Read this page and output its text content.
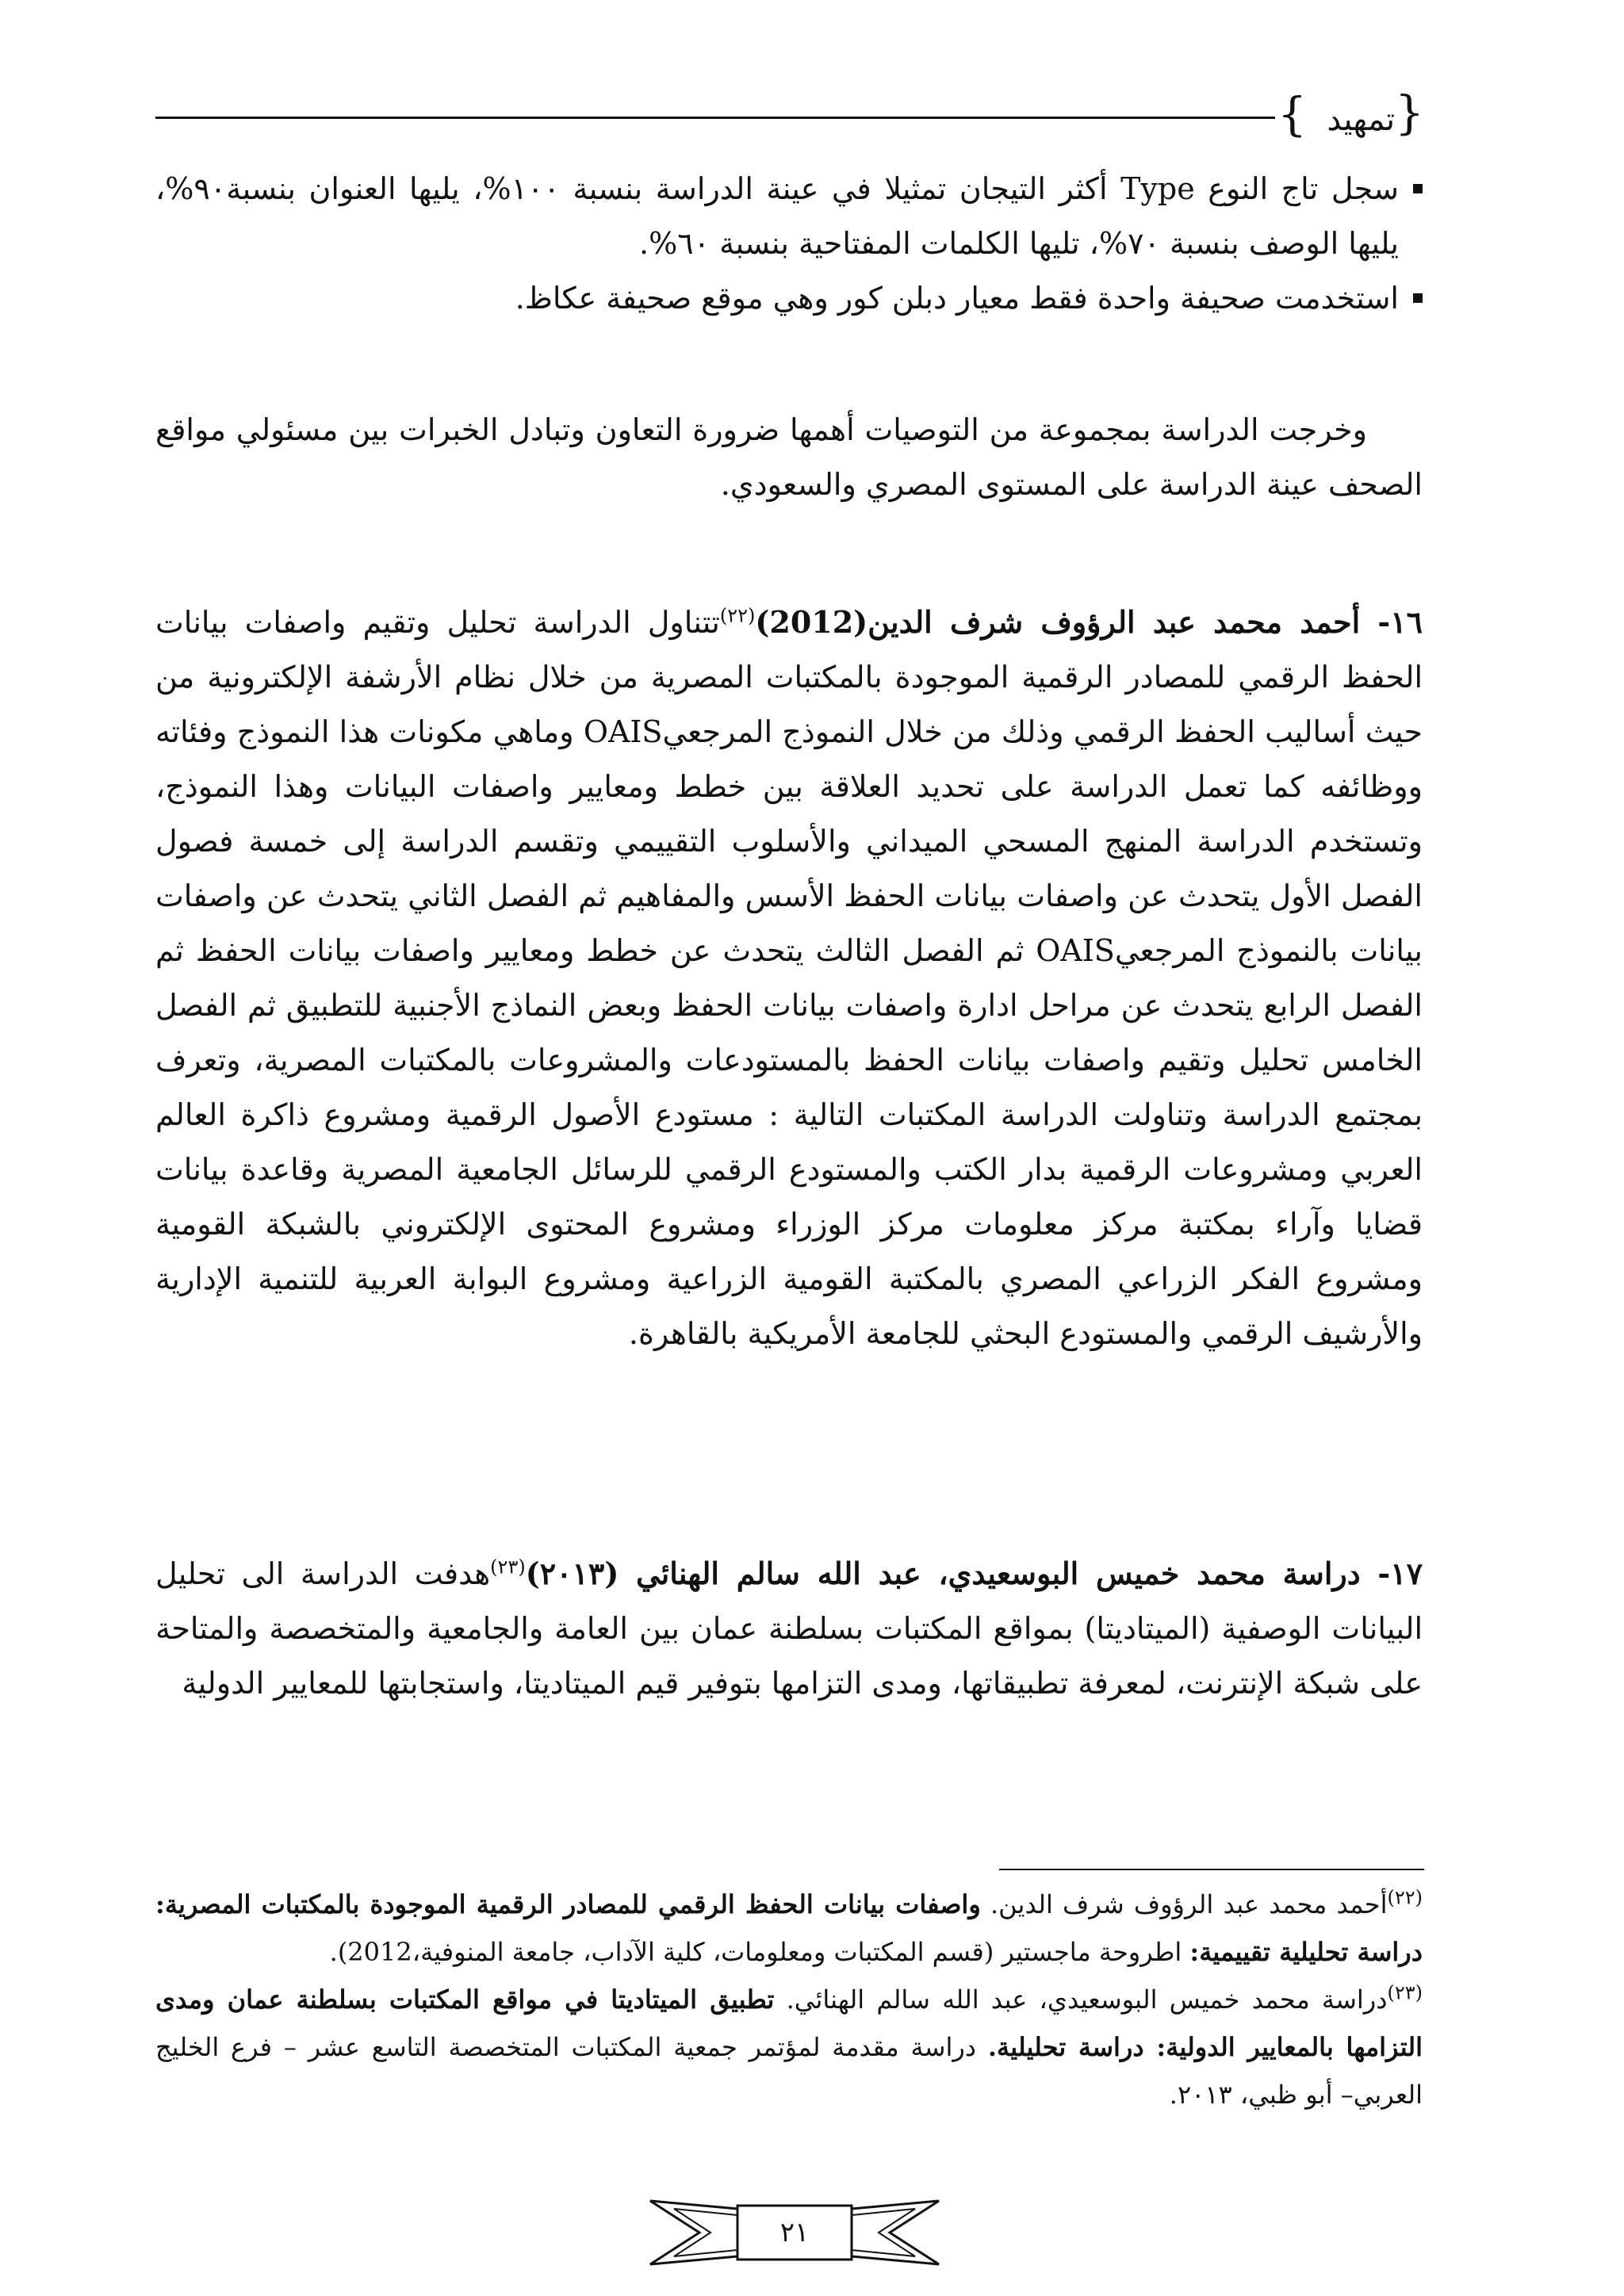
{تمهيد
}
سجل تاج النوع Type أكثر التيجان تمثيلا في عينة الدراسة بنسبة ١٠٠%، يليها العنوان بنسبة٩٠%، يليها الوصف بنسبة ٧٠%، تليها الكلمات المفتاحية بنسبة ٦٠%.
استخدمت صحيفة واحدة فقط معيار دبلن كور وهي موقع صحيفة عكاظ.

وخرجت الدراسة بمجموعة من التوصيات أهمها ضرورة التعاون وتبادل الخبرات بين مسئولي مواقع الصحف عينة الدراسة على المستوى المصري والسعودي.

١٦- أحمد محمد عبد الرؤوف شرف $الدين(2012)^{(٢٢)}تتناول$ الدراسة تحليل وتقيم واصفات بيانات الحفظ الرقمي للمصادر الرقمية الموجودة بالمكتبات المصرية من خلال نظام الأرشفة الإلكترونية من حيث أساليب الحفظ الرقمي وذلك من خلال النموذج المرجعيOAIS وماهي مكونات هذا النموذج وفئاته ووظائفه كما تعمل الدراسة على تحديد العلاقة بين خطط ومعايير واصفات البيانات وهذا النموذج، وتستخدم الدراسة المنهج المسحي الميداني والأسلوب التقييمي وتقسم الدراسة إلى خمسة فصول الفصل الأول يتحدث عن واصفات بيانات الحفظ الأسس والمفاهيم ثم الفصل الثاني يتحدث عن واصفات بيانات بالنموذج المرجعيOAIS ثم الفصل الثالث يتحدث عن خطط ومعايير واصفات بيانات الحفظ ثم الفصل الرابع يتحدث عن مراحل ادارة واصفات بيانات الحفظ وبعض النماذج الأجنبية للتطبيق ثم الفصل الخامس تحليل وتقيم واصفات بيانات الحفظ بالمستودعات والمشروعات بالمكتبات المصرية، وتعرف بمجتمع الدراسة وتناولت الدراسة المكتبات التالية : مستودع الأصول الرقمية ومشروع ذاكرة العالم العربي ومشروعات الرقمية بدار الكتب والمستودع الرقمي للرسائل الجامعية المصرية وقاعدة بيانات قضايا وآراء بمكتبة مركز معلومات مركز الوزراء ومشروع المحتوى الإلكتروني بالشبكة القومية ومشروع الفكر الزراعي المصري بالمكتبة القومية الزراعية ومشروع البوابة العربية للتنمية الإدارية والأرشيف الرقمي والمستودع البحثي للجامعة الأمريكية بالقاهرة.

١٧- دراسة محمد خميس البوسعيدي، عبد الله سالم الهنائي (٢٠١٣)$^{(٢٣)}$هدفت الدراسة الى تحليل البيانات الوصفية (الميتاديتا) بمواقع المكتبات بسلطنة عمان بين العامة والجامعية والمتخصصة والمتاحة على شبكة الإنترنت، لمعرفة تطبيقاتها، ومدى التزامها بتوفير قيم الميتاديتا، واستجابتها للمعايير الدولية

$^{(٢٢)}$أحمد محمد عبد الرؤوف شرف الدين. واصفات بيانات الحفظ الرقمي للمصادر الرقمية الموجودة بالمكتبات المصرية: دراسة تحليلية تقييمية: اطروحة ماجستير (قسم المكتبات ومعلومات، كلية الآداب، جامعة المنوفية،2012).

$^{(٢٣)}$دراسة محمد خميس البوسعيدي، عبد الله سالم الهنائي. تطبيق الميتاديتا في مواقع المكتبات بسلطنة عمان ومدى التزامها بالمعايير الدولية: دراسة تحليلية. دراسة مقدمة لمؤتمر جمعية المكتبات المتخصصة التاسع عشر – فرع الخليج العربي– أبو ظبي، ٢٠١٣.

٢١
